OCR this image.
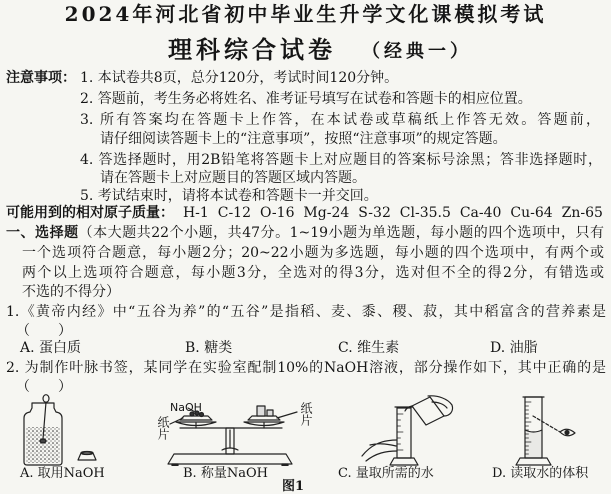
2024年河北省初中毕业生升学文化课模拟考试
理科综合试卷 （经典一）
注意事项： 1. 本试卷共8页，总分120分，考试时间120分钟。
2. 答题前，考生务必将姓名、准考证号填写在试卷和答题卡的相应位置。
3. 所有答案均在答题卡上作答，在本试卷或草稿纸上作答无效。答题前，
请仔细阅读答题卡上的“注意事项”，按照“注意事项”的规定答题。
4. 答选择题时，用2B铅笔将答题卡上对应题目的答案标号涂黑；答非选择题时，
请在答题卡上对应题目的答题区域内答题。
5. 考试结束时，请将本试卷和答题卡一并交回。
可能用到的相对原子质量： H-1 C-12 O-16 Mg-24 S-32 Cl-35.5 Ca-40 Cu-64 Zn-65
一、选择题（本大题共22个小题，共47分。1~19小题为单选题，每小题的四个选项中，只有
一个选项符合题意，每小题2分；20~22小题为多选题，每小题的四个选项中，有两个或
两个以上选项符合题意，每小题3分，全选对的得3分，选对但不全的得2分，有错选或
不选的不得分）
1.《黄帝内经》中“五谷为养”的“五谷”是指稻、麦、黍、稷、菽，其中稻富含的营养素是
（　　）
A. 蛋白质	B. 糖类	C. 维生素	D. 油脂
2. 为制作叶脉书签，某同学在实验室配制10%的NaOH溶液，部分操作如下，其中正确的是
（　　）
NaOH
纸片
纸片
A. 取用NaOH	B. 称量NaOH	C. 量取所需的水	D. 读取水的体积
图1
